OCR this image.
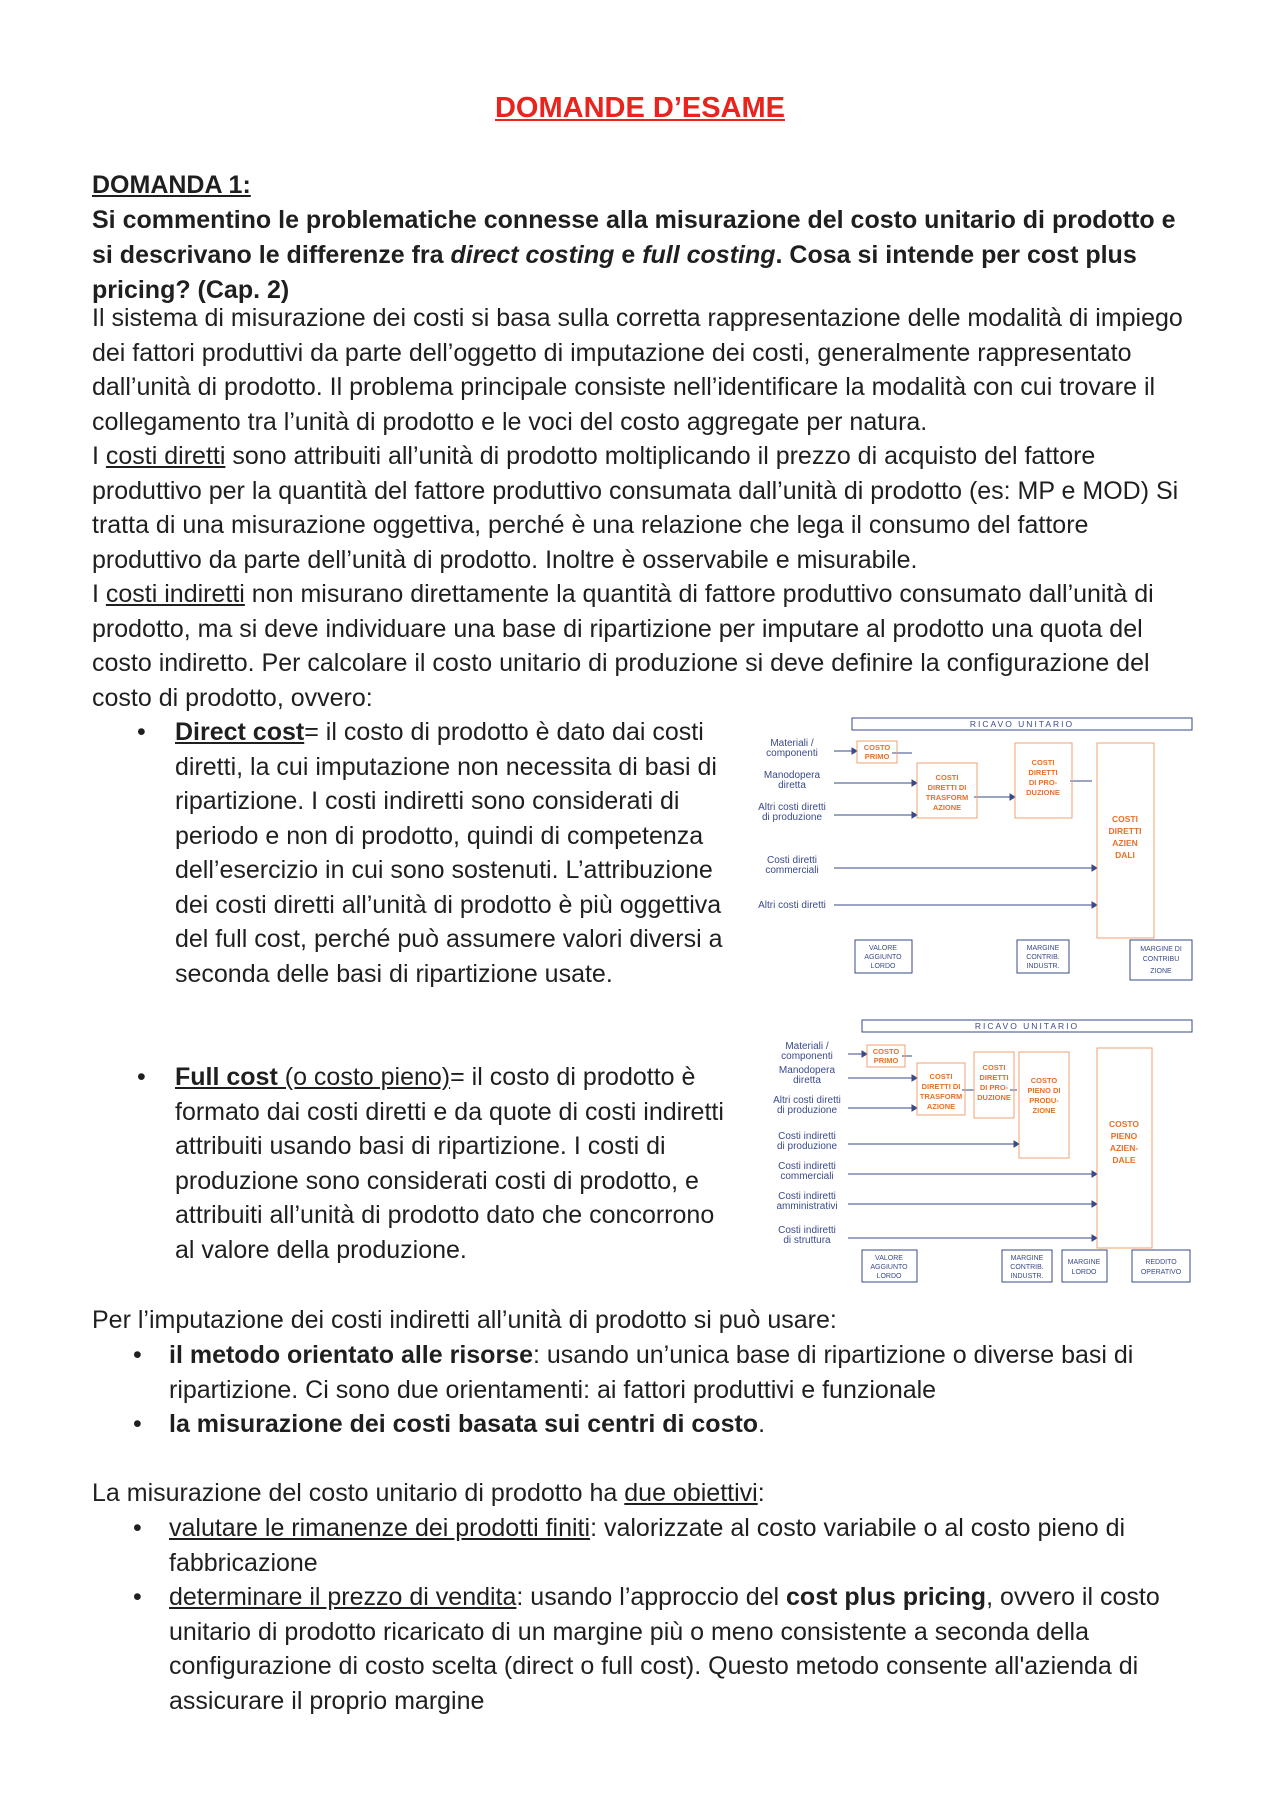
DOMANDE D’ESAME

DOMANDA 1:
Si commentino le problematiche connesse alla misurazione del costo unitario di prodotto e si descrivano le differenze fra direct costing e full costing. Cosa si intende per cost plus pricing? (Cap. 2)

Il sistema di misurazione dei costi si basa sulla corretta rappresentazione delle modalità di impiego dei fattori produttivi da parte dell’oggetto di imputazione dei costi, generalmente rappresentato dall’unità di prodotto. Il problema principale consiste nell’identificare la modalità con cui trovare il collegamento tra l’unità di prodotto e le voci del costo aggregate per natura.

I costi diretti sono attribuiti all’unità di prodotto moltiplicando il prezzo di acquisto del fattore produttivo per la quantità del fattore produttivo consumata dall’unità di prodotto (es: MP e MOD) Si tratta di una misurazione oggettiva, perché è una relazione che lega il consumo del fattore produttivo da parte dell’unità di prodotto. Inoltre è osservabile e misurabile.

I costi indiretti non misurano direttamente la quantità di fattore produttivo consumato dall’unità di prodotto, ma si deve individuare una base di ripartizione per imputare al prodotto una quota del costo indiretto. Per calcolare il costo unitario di produzione si deve definire la configurazione del costo di prodotto, ovvero:

• Direct cost= il costo di prodotto è dato dai costi diretti, la cui imputazione non necessita di basi di ripartizione. I costi indiretti sono considerati di periodo e non di prodotto, quindi di competenza dell’esercizio in cui sono sostenuti. L’attribuzione dei costi diretti all’unità di prodotto è più oggettiva del full cost, perché può assumere valori diversi a seconda delle basi di ripartizione usate.
• Full cost (o costo pieno)= il costo di prodotto è formato dai costi diretti e da quote di costi indiretti attribuiti usando basi di ripartizione. I costi di produzione sono considerati costi di prodotto, e attribuiti all’unità di prodotto dato che concorrono al valore della produzione.
RICAVO UNITARIO
Materiali /
componenti
Manodopera
diretta
Altri costi diretti
di produzione
Costi diretti
commerciali
Altri costi diretti
COSTO
PRIMO
COSTI
DIRETTI DI
TRASFORM
AZIONE
COSTI
DIRETTI
DI PRO-
DUZIONE
COSTI
DIRETTI
AZIEN
DALI
VALORE
AGGIUNTO
LORDO
MARGINE
CONTRIB.
INDUSTR.
MARGINE DI
CONTRIBU
ZIONE
RICAVO UNITARIO
Materiali /
componenti
Manodopera
diretta
Altri costi diretti
di produzione
Costi indiretti
di produzione
Costi indiretti
commerciali
Costi indiretti
amministrativi
Costi indiretti
di struttura
COSTO
PRIMO
COSTI
DIRETTI DI
TRASFORM
AZIONE
COSTI
DIRETTI
DI PRO-
DUZIONE
COSTO
PIENO DI
PRODU-
ZIONE
COSTO
PIENO
AZIEN-
DALE
VALORE
AGGIUNTO
LORDO
MARGINE
CONTRIB.
INDUSTR.
MARGINE
LORDO
REDDITO
OPERATIVO

Per l’imputazione dei costi indiretti all’unità di prodotto si può usare:

• il metodo orientato alle risorse: usando un’unica base di ripartizione o diverse basi di ripartizione. Ci sono due orientamenti: ai fattori produttivi e funzionale
• la misurazione dei costi basata sui centri di costo.

La misurazione del costo unitario di prodotto ha due obiettivi:

• valutare le rimanenze dei prodotti finiti: valorizzate al costo variabile o al costo pieno di fabbricazione
• determinare il prezzo di vendita: usando l’approccio del cost plus pricing, ovvero il costo unitario di prodotto ricaricato di un margine più o meno consistente a seconda della configurazione di costo scelta (direct o full cost). Questo metodo consente all'azienda di assicurare il proprio margine
